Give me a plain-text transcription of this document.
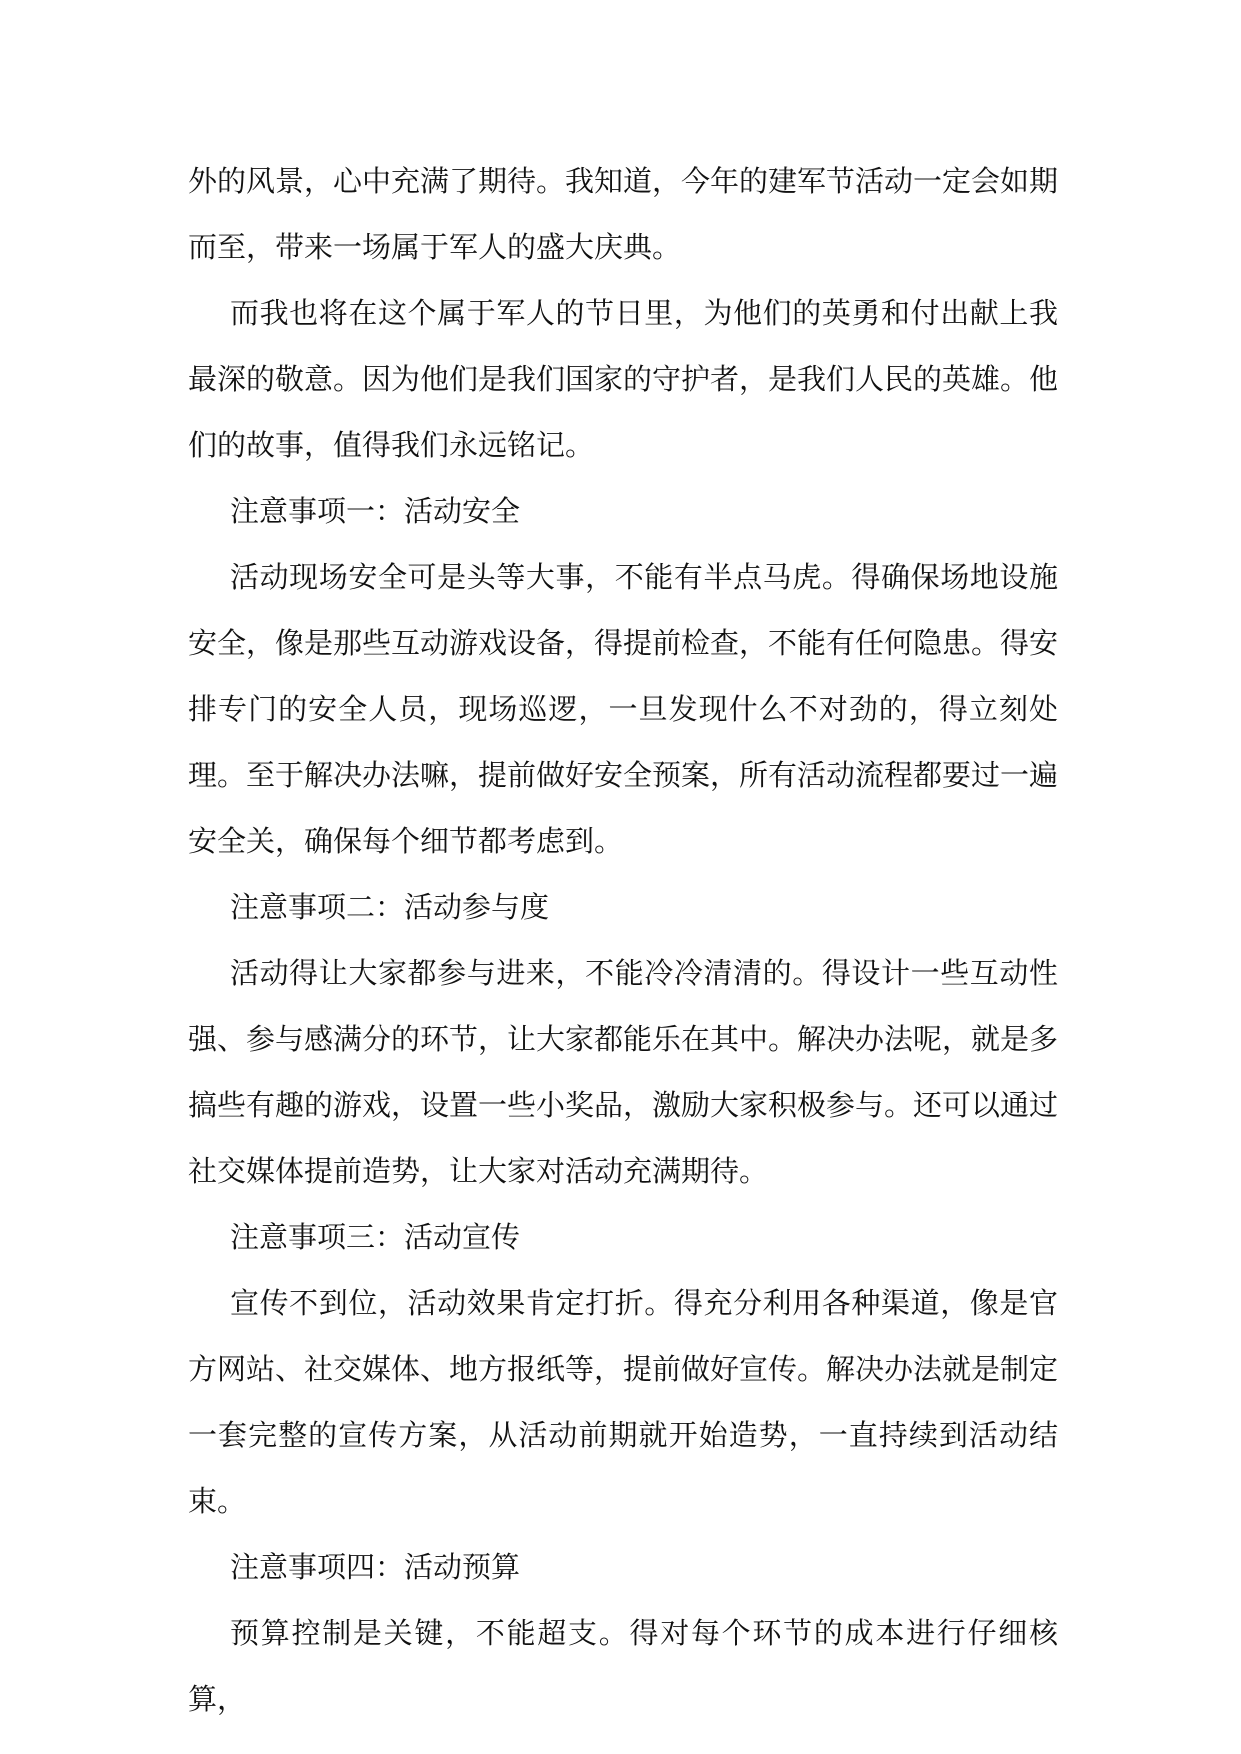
外的风景，心中充满了期待。我知道，今年的建军节活动一定会如期而至，带来一场属于军人的盛大庆典。

而我也将在这个属于军人的节日里，为他们的英勇和付出献上我最深的敬意。因为他们是我们国家的守护者，是我们人民的英雄。他们的故事，值得我们永远铭记。

注意事项一：活动安全

活动现场安全可是头等大事，不能有半点马虎。得确保场地设施安全，像是那些互动游戏设备，得提前检查，不能有任何隐患。得安排专门的安全人员，现场巡逻，一旦发现什么不对劲的，得立刻处理。至于解决办法嘛，提前做好安全预案，所有活动流程都要过一遍安全关，确保每个细节都考虑到。

注意事项二：活动参与度

活动得让大家都参与进来，不能冷冷清清的。得设计一些互动性强、参与感满分的环节，让大家都能乐在其中。解决办法呢，就是多搞些有趣的游戏，设置一些小奖品，激励大家积极参与。还可以通过社交媒体提前造势，让大家对活动充满期待。

注意事项三：活动宣传

宣传不到位，活动效果肯定打折。得充分利用各种渠道，像是官方网站、社交媒体、地方报纸等，提前做好宣传。解决办法就是制定一套完整的宣传方案，从活动前期就开始造势，一直持续到活动结束。

注意事项四：活动预算

预算控制是关键，不能超支。得对每个环节的成本进行仔细核算，
